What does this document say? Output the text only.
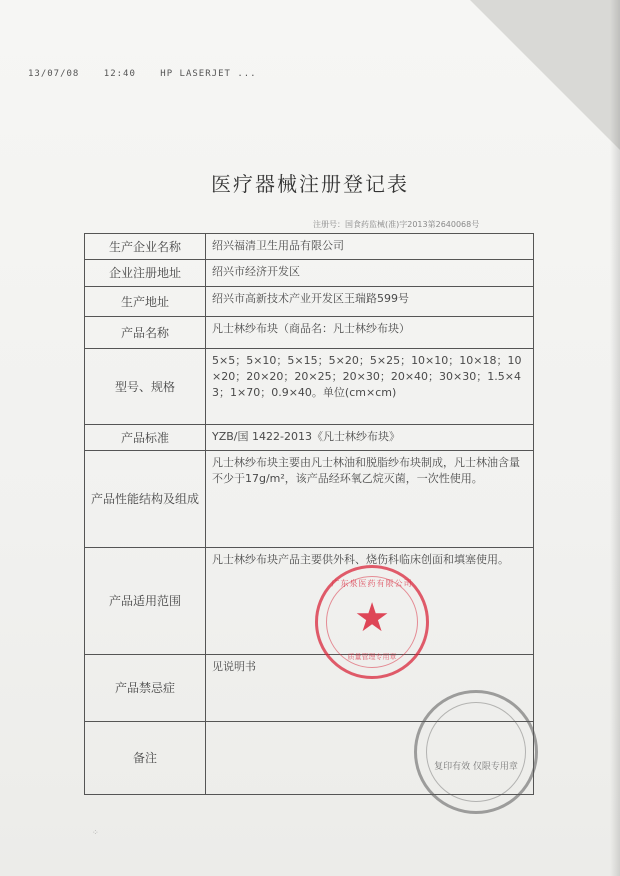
13/07/08	12:40	HP LASERJET ...
医疗器械注册登记表
注册号：国食药监械(准)字2013第2640068号
生产企业名称	绍兴福清卫生用品有限公司
企业注册地址	绍兴市经济开发区
生产地址	绍兴市高新技术产业开发区王瑞路599号
产品名称	凡士林纱布块（商品名：凡士林纱布块）
型号、规格	5×5；5×10；5×15；5×20；5×25；10×10；10×18；10×20；20×20；20×25；20×30；20×40；30×30；1.5×43；1×70；0.9×40。单位(cm×cm)
产品标准	YZB/国 1422-2013《凡士林纱布块》
产品性能结构及组成	凡士林纱布块主要由凡士林油和脱脂纱布块制成，凡士林油含量不少于17g/m²，该产品经环氧乙烷灭菌，一次性使用。
产品适用范围	凡士林纱布块产品主要供外科、烧伤科临床创面和填塞使用。
产品禁忌症	见说明书
备注	
广东泉医药有限公司
★
质量管理专用章
复印有效 仅限专用章
⁘
